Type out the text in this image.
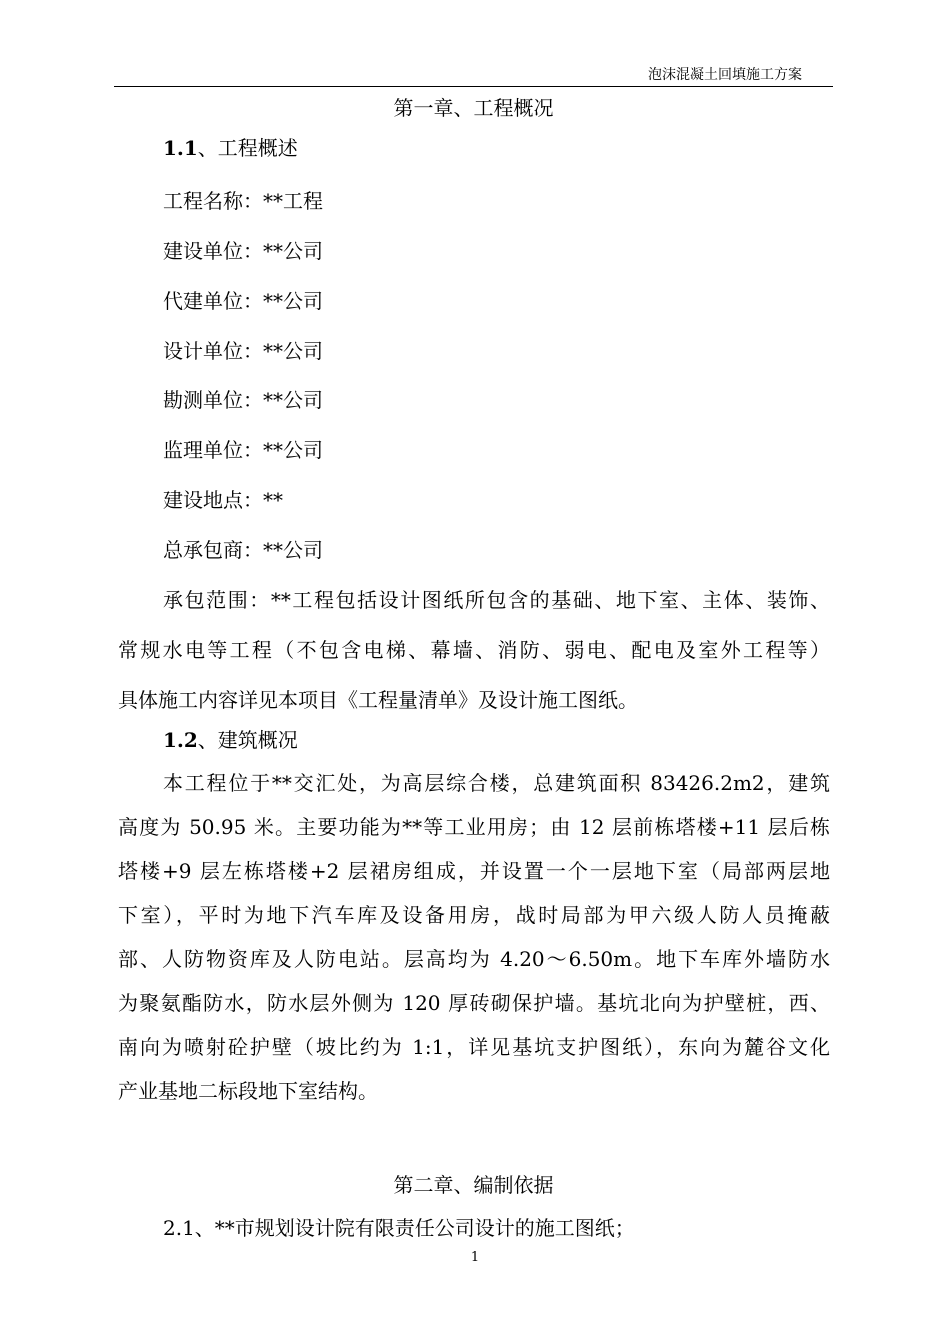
泡沫混凝土回填施工方案
第一章、工程概况
1.1、工程概述
工程名称：**工程
建设单位：**公司
代建单位：**公司
设计单位：**公司
勘测单位：**公司
监理单位：**公司
建设地点：**
总承包商：**公司
承包范围：**工程包括设计图纸所包含的基础、地下室、主体、装饰、
常规水电等工程（不包含电梯、幕墙、消防、弱电、配电及室外工程等）
具体施工内容详见本项目《工程量清单》及设计施工图纸。
1.2、建筑概况
本工程位于**交汇处，为高层综合楼，总建筑面积 83426.2m2，建筑
高度为 50.95 米。主要功能为**等工业用房；由 12 层前栋塔楼+11 层后栋
塔楼+9 层左栋塔楼+2 层裙房组成，并设置一个一层地下室（局部两层地
下室），平时为地下汽车库及设备用房，战时局部为甲六级人防人员掩蔽
部、人防物资库及人防电站。层高均为 4.20～6.50m。地下车库外墙防水
为聚氨酯防水，防水层外侧为 120 厚砖砌保护墙。基坑北向为护壁桩，西、
南向为喷射砼护壁（坡比约为 1:1，详见基坑支护图纸），东向为麓谷文化
产业基地二标段地下室结构。
第二章、编制依据
2.1、**市规划设计院有限责任公司设计的施工图纸；
1
